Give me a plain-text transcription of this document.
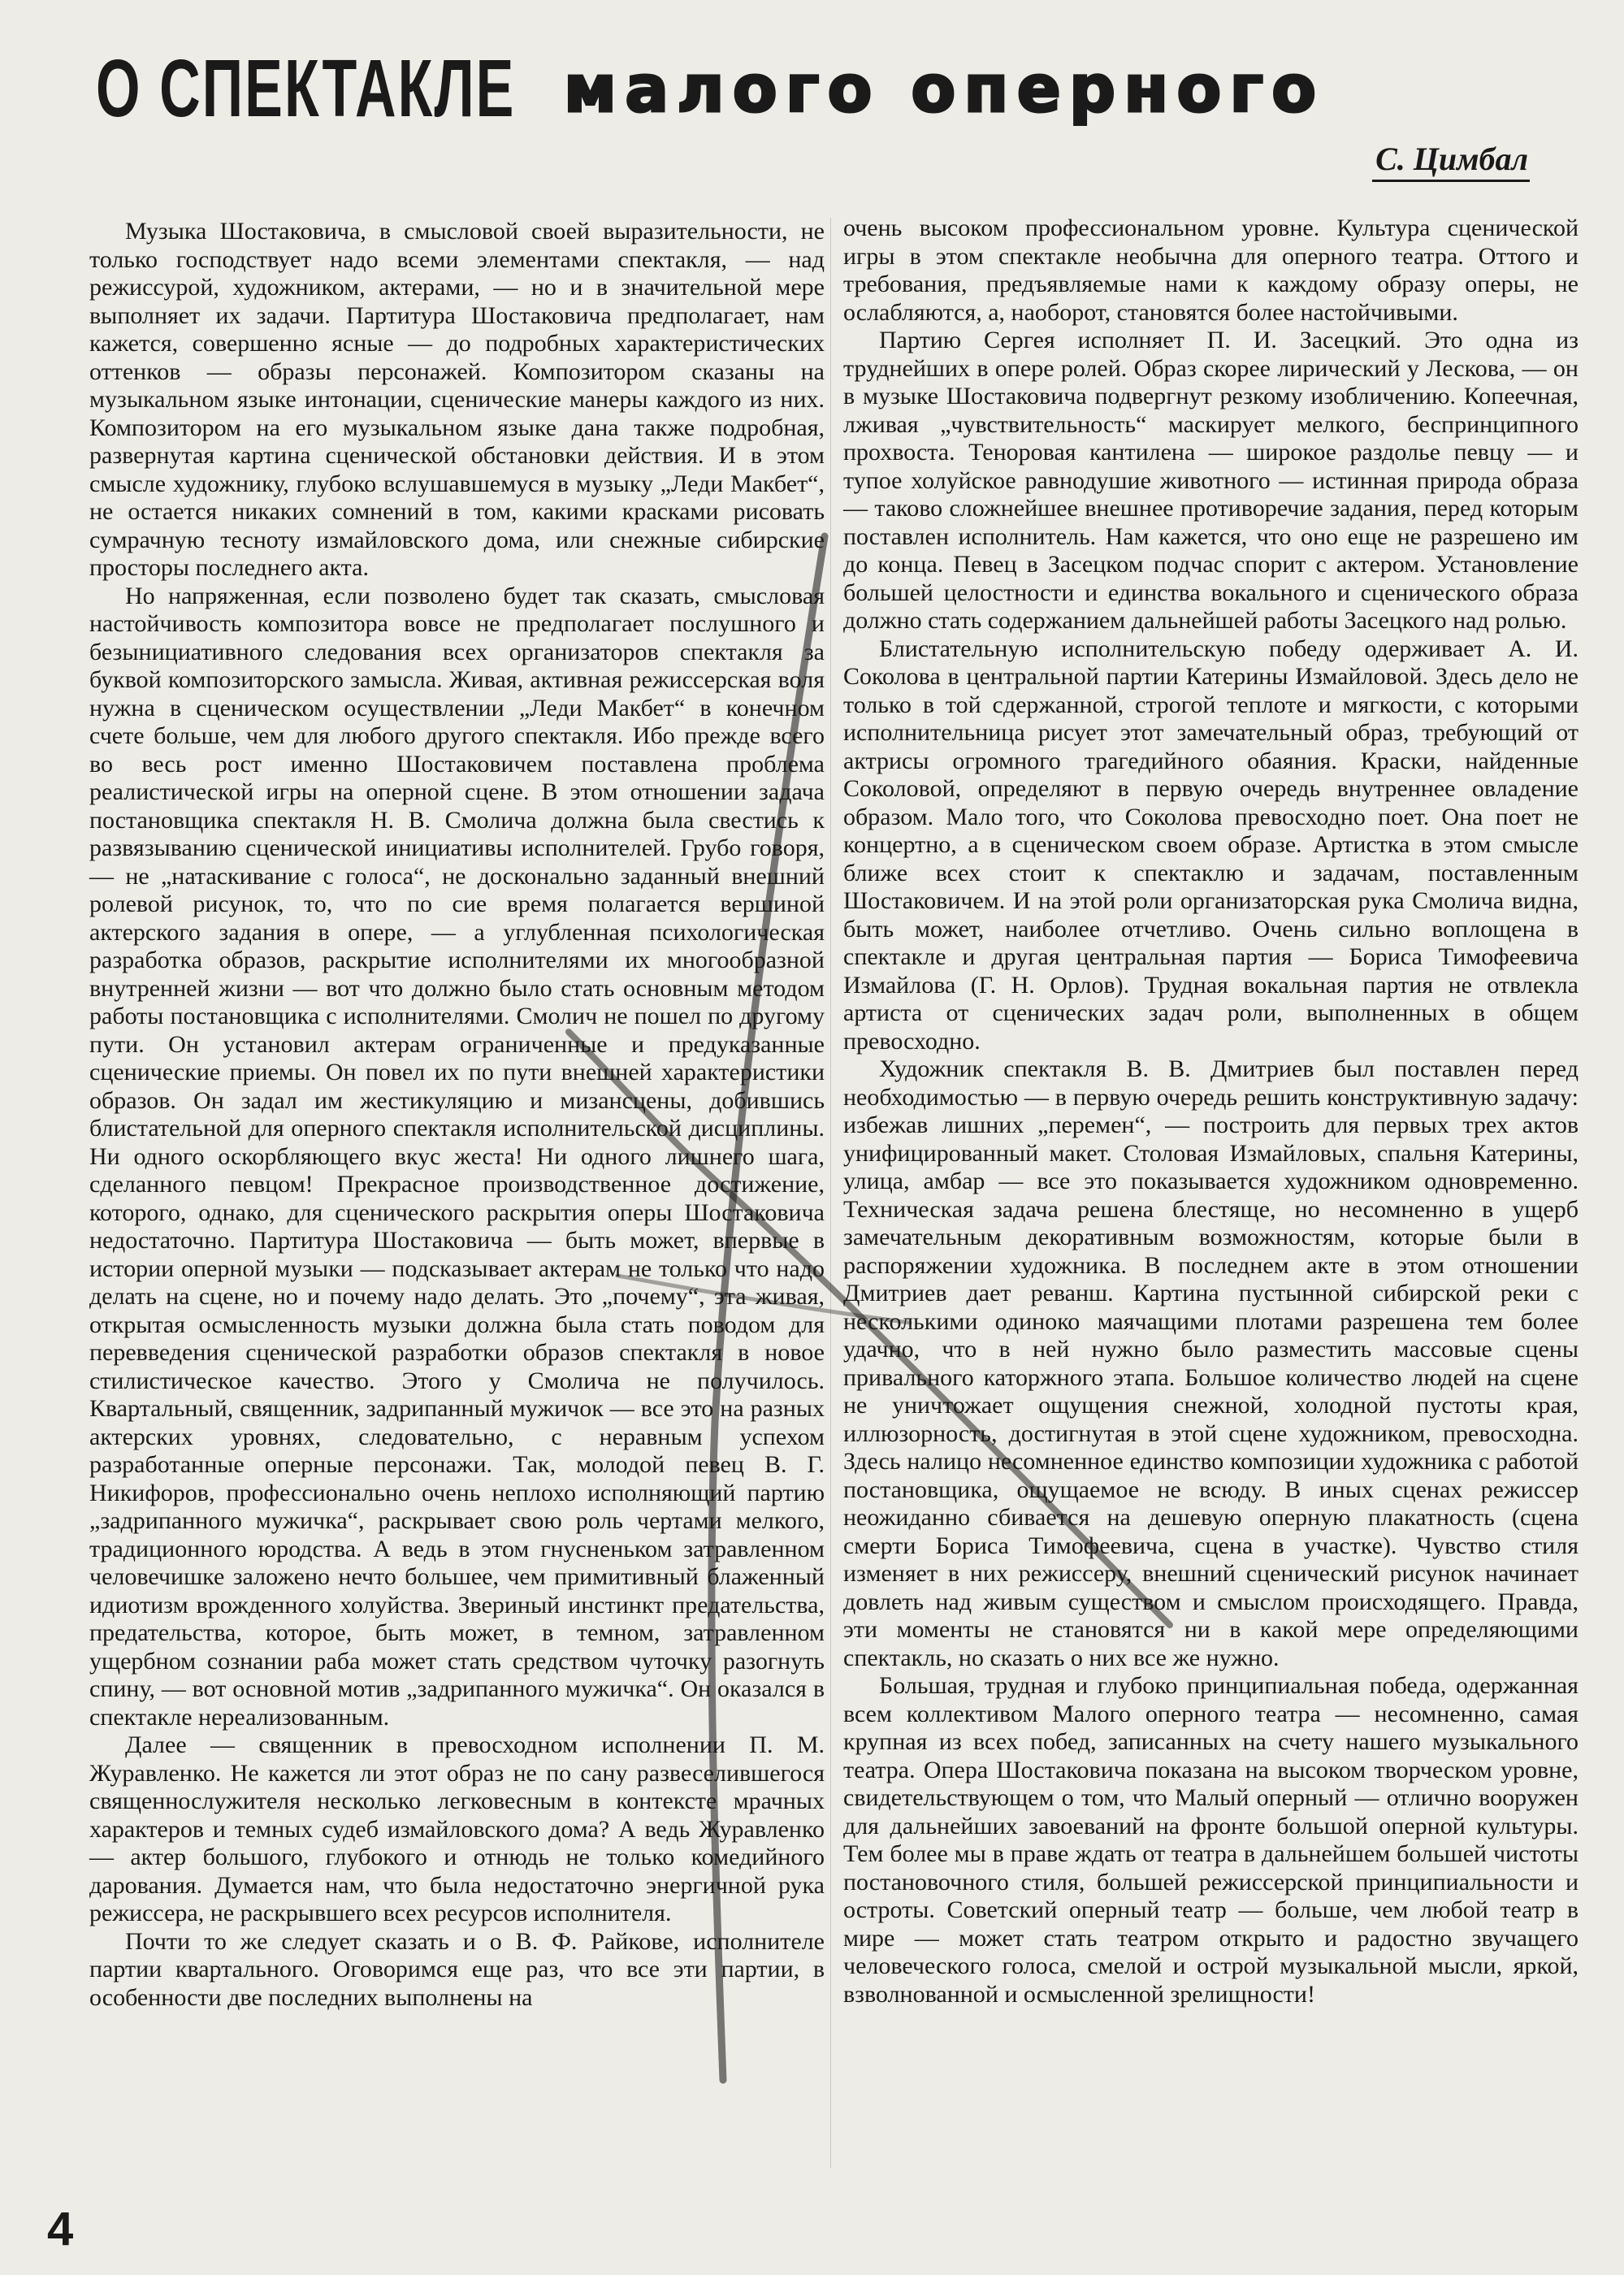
О СПЕКТАКЛЕ малого оперного
С. Цимбал

Музыка Шостаковича, в смысловой своей выразительности, не только господствует надо всеми элементами спектакля, — над режиссурой, художником, актерами, — но и в значительной мере выполняет их задачи. Партитура Шостаковича предполагает, нам кажется, совершенно ясные — до подробных характеристических оттенков — образы персонажей. Композитором сказаны на музыкальном языке интонации, сценические манеры каждого из них. Композитором на его музыкальном языке дана также подробная, развернутая картина сценической обстановки действия. И в этом смысле художнику, глубоко вслушавшемуся в музыку „Леди Макбет“, не остается никаких сомнений в том, какими красками рисовать сумрачную тесноту измайловского дома, или снежные сибирские просторы последнего акта.

Но напряженная, если позволено будет так сказать, смысловая настойчивость композитора вовсе не предполагает послушного и безынициативного следования всех организаторов спектакля за буквой композиторского замысла. Живая, активная режиссерская воля нужна в сценическом осуществлении „Леди Макбет“ в конечном счете больше, чем для любого другого спектакля. Ибо прежде всего во весь рост именно Шостаковичем поставлена проблема реалистической игры на оперной сцене. В этом отношении задача постановщика спектакля Н. В. Смолича должна была свестись к развязыванию сценической инициативы исполнителей. Грубо говоря, — не „натаскивание с голоса“, не досконально заданный внешний ролевой рисунок, то, что по сие время полагается вершиной актерского задания в опере, — а углубленная психологическая разработка образов, раскрытие исполнителями их многообразной внутренней жизни — вот что должно было стать основным методом работы постановщика с исполнителями. Смолич не пошел по другому пути. Он установил актерам ограниченные и предуказанные сценические приемы. Он повел их по пути внешней характеристики образов. Он задал им жестикуляцию и мизансцены, добившись блистательной для оперного спектакля исполнительской дисциплины. Ни одного оскорбляющего вкус жеста! Ни одного лишнего шага, сделанного певцом! Прекрасное производственное достижение, которого, однако, для сценического раскрытия оперы Шостаковича недостаточно. Партитура Шостаковича — быть может, впервые в истории оперной музыки — подсказывает актерам не только что надо делать на сцене, но и почему надо делать. Это „почему“, эта живая, открытая осмысленность музыки должна была стать поводом для перевведения сценической разработки образов спектакля в новое стилистическое качество. Этого у Смолича не получилось. Квартальный, священник, задрипанный мужичок — все это на разных актерских уровнях, следовательно, с неравным успехом разработанные оперные персонажи. Так, молодой певец В. Г. Никифоров, профессионально очень неплохо исполняющий партию „задрипанного мужичка“, раскрывает свою роль чертами мелкого, традиционного юродства. А ведь в этом гнусненьком затравленном человечишке заложено нечто большее, чем примитивный блаженный идиотизм врожденного холуйства. Звериный инстинкт предательства, предательства, которое, быть может, в темном, затравленном ущербном сознании раба может стать средством чуточку разогнуть спину, — вот основной мотив „задрипанного мужичка“. Он оказался в спектакле нереализованным.

Далее — священник в превосходном исполнении П. М. Журавленко. Не кажется ли этот образ не по сану развеселившегося священнослужителя несколько легковесным в контексте мрачных характеров и темных судеб измайловского дома? А ведь Журавленко — актер большого, глубокого и отнюдь не только комедийного дарования. Думается нам, что была недостаточно энергичной рука режиссера, не раскрывшего всех ресурсов исполнителя.

Почти то же следует сказать и о В. Ф. Райкове, исполнителе партии квартального. Оговоримся еще раз, что все эти партии, в особенности две последних выполнены на

очень высоком профессиональном уровне. Культура сценической игры в этом спектакле необычна для оперного театра. Оттого и требования, предъявляемые нами к каждому образу оперы, не ослабляются, а, наоборот, становятся более настойчивыми.

Партию Сергея исполняет П. И. Засецкий. Это одна из труднейших в опере ролей. Образ скорее лирический у Лескова, — он в музыке Шостаковича подвергнут резкому изобличению. Копеечная, лживая „чувствительность“ маскирует мелкого, беспринципного прохвоста. Теноровая кантилена — широкое раздолье певцу — и тупое холуйское равнодушие животного — истинная природа образа — таково сложнейшее внешнее противоречие задания, перед которым поставлен исполнитель. Нам кажется, что оно еще не разрешено им до конца. Певец в Засецком подчас спорит с актером. Установление большей целостности и единства вокального и сценического образа должно стать содержанием дальнейшей работы Засецкого над ролью.

Блистательную исполнительскую победу одерживает А. И. Соколова в центральной партии Катерины Измайловой. Здесь дело не только в той сдержанной, строгой теплоте и мягкости, с которыми исполнительница рисует этот замечательный образ, требующий от актрисы огромного трагедийного обаяния. Краски, найденные Соколовой, определяют в первую очередь внутреннее овладение образом. Мало того, что Соколова превосходно поет. Она поет не концертно, а в сценическом своем образе. Артистка в этом смысле ближе всех стоит к спектаклю и задачам, поставленным Шостаковичем. И на этой роли организаторская рука Смолича видна, быть может, наиболее отчетливо. Очень сильно воплощена в спектакле и другая центральная партия — Бориса Тимофеевича Измайлова (Г. Н. Орлов). Трудная вокальная партия не отвлекла артиста от сценических задач роли, выполненных в общем превосходно.

Художник спектакля В. В. Дмитриев был поставлен перед необходимостью — в первую очередь решить конструктивную задачу: избежав лишних „перемен“, — построить для первых трех актов унифицированный макет. Столовая Измайловых, спальня Катерины, улица, амбар — все это показывается художником одновременно. Техническая задача решена блестяще, но несомненно в ущерб замечательным декоративным возможностям, которые были в распоряжении художника. В последнем акте в этом отношении Дмитриев дает реванш. Картина пустынной сибирской реки с несколькими одиноко маячащими плотами разрешена тем более удачно, что в ней нужно было разместить массовые сцены привального каторжного этапа. Большое количество людей на сцене не уничтожает ощущения снежной, холодной пустоты края, иллюзорность, достигнутая в этой сцене художником, превосходна. Здесь налицо несомненное единство композиции художника с работой постановщика, ощущаемое не всюду. В иных сценах режиссер неожиданно сбивается на дешевую оперную плакатность (сцена смерти Бориса Тимофеевича, сцена в участке). Чувство стиля изменяет в них режиссеру, внешний сценический рисунок начинает довлеть над живым существом и смыслом происходящего. Правда, эти моменты не становятся ни в какой мере определяющими спектакль, но сказать о них все же нужно.

Большая, трудная и глубоко принципиальная победа, одержанная всем коллективом Малого оперного театра — несомненно, самая крупная из всех побед, записанных на счету нашего музыкального театра. Опера Шостаковича показана на высоком творческом уровне, свидетельствующем о том, что Малый оперный — отлично вооружен для дальнейших завоеваний на фронте большой оперной культуры. Тем более мы в праве ждать от театра в дальнейшем большей чистоты постановочного стиля, большей режиссерской принципиальности и остроты. Советский оперный театр — больше, чем любой театр в мире — может стать театром открыто и радостно звучащего человеческого голоса, смелой и острой музыкальной мысли, яркой, взволнованной и осмысленной зрелищности!

4
